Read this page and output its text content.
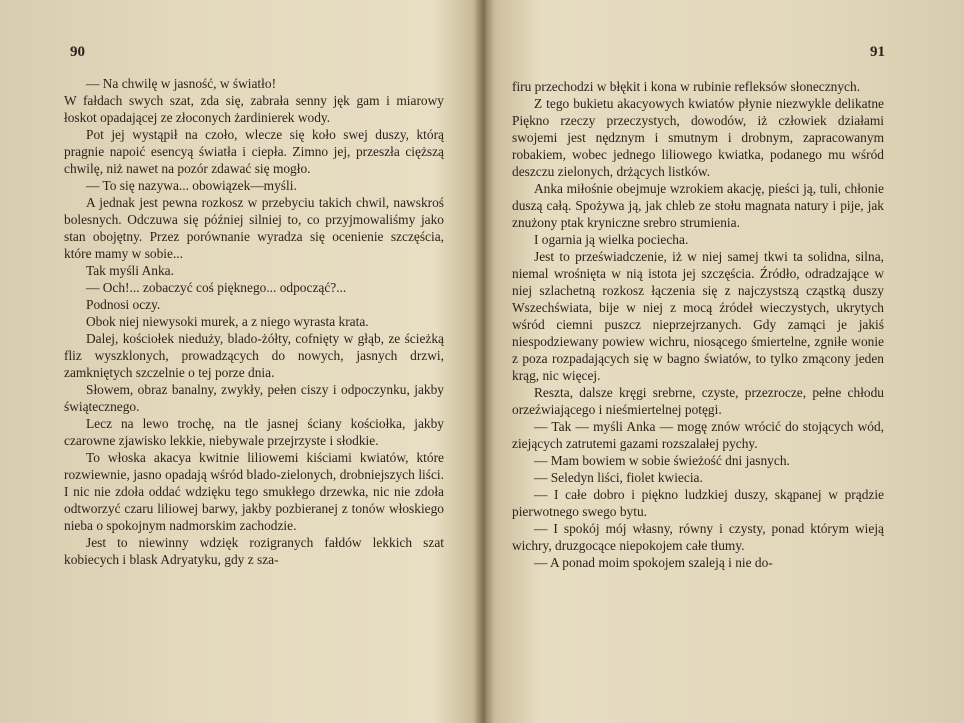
90

— Na chwilę w jasność, w światło!

W fałdach swych szat, zda się, zabrała senny jęk gam i miarowy łoskot opadającej ze złoconych żardinierek wody.

Pot jej wystąpił na czoło, wlecze się koło swej duszy, którą pragnie napoić esencyą światła i ciepła. Zimno jej, przeszła cięższą chwilę, niż nawet na pozór zdawać się mogło.

— To się nazywa... obowiązek—myśli.

A jednak jest pewna rozkosz w przebyciu takich chwil, nawskroś bolesnych. Odczuwa się później silniej to, co przyjmowaliśmy jako stan obojętny. Przez porównanie wyradza się ocenienie szczęścia, które mamy w sobie...

Tak myśli Anka.

— Och!... zobaczyć coś pięknego... odpocząć?...

Podnosi oczy.

Obok niej niewysoki murek, a z niego wyrasta krata.

Dalej, kościołek nieduży, blado-żółty, cofnięty w głąb, ze ścieżką fliz wyszklonych, prowadzących do nowych, jasnych drzwi, zamkniętych szczelnie o tej porze dnia.

Słowem, obraz banalny, zwykły, pełen ciszy i odpoczynku, jakby świątecznego.

Lecz na lewo trochę, na tle jasnej ściany kościołka, jakby czarowne zjawisko lekkie, niebywale przejrzyste i słodkie.

To włoska akacya kwitnie liliowemi kiściami kwiatów, które rozwiewnie, jasno opadają wśród blado-zielonych, drobniejszych liści. I nic nie zdoła oddać wdzięku tego smukłego drzewka, nic nie zdoła odtworzyć czaru liliowej barwy, jakby pozbieranej z tonów włoskiego nieba o spokojnym nadmorskim zachodzie.

Jest to niewinny wdzięk rozigranych fałdów lekkich szat kobiecych i blask Adryatyku, gdy z sza-

91

firu przechodzi w błękit i kona w rubinie refleksów słonecznych.

Z tego bukietu akacyowych kwiatów płynie niezwykle delikatne Piękno rzeczy przeczystych, dowodów, iż człowiek działami swojemi jest nędznym i smutnym i drobnym, zapracowanym robakiem, wobec jednego liliowego kwiatka, podanego mu wśród deszczu zielonych, drżących listków.

Anka miłośnie obejmuje wzrokiem akację, pieści ją, tuli, chłonie duszą całą. Spożywa ją, jak chleb ze stołu magnata natury i pije, jak znużony ptak kryniczne srebro strumienia.

I ogarnia ją wielka pociecha.

Jest to przeświadczenie, iż w niej samej tkwi ta solidna, silna, niemal wrośnięta w nią istota jej szczęścia. Źródło, odradzające w niej szlachetną rozkosz łączenia się z najczystszą cząstką duszy Wszechświata, bije w niej z mocą źródeł wieczystych, ukrytych wśród ciemni puszcz nieprzejrzanych. Gdy zamąci je jakiś niespodziewany powiew wichru, niosącego śmiertelne, zgniłe wonie z poza rozpadających się w bagno światów, to tylko zmącony jeden krąg, nic więcej.

Reszta, dalsze kręgi srebrne, czyste, przezrocze, pełne chłodu orzeźwiającego i nieśmiertelnej potęgi.

— Tak — myśli Anka — mogę znów wrócić do stojących wód, ziejących zatrutemi gazami rozszalałej pychy.

— Mam bowiem w sobie świeżość dni jasnych.

— Seledyn liści, fiolet kwiecia.

— I całe dobro i piękno ludzkiej duszy, skąpanej w prądzie pierwotnego swego bytu.

— I spokój mój własny, równy i czysty, ponad którym wieją wichry, druzgocące niepokojem całe tłumy.

— A ponad moim spokojem szaleją i nie do-
